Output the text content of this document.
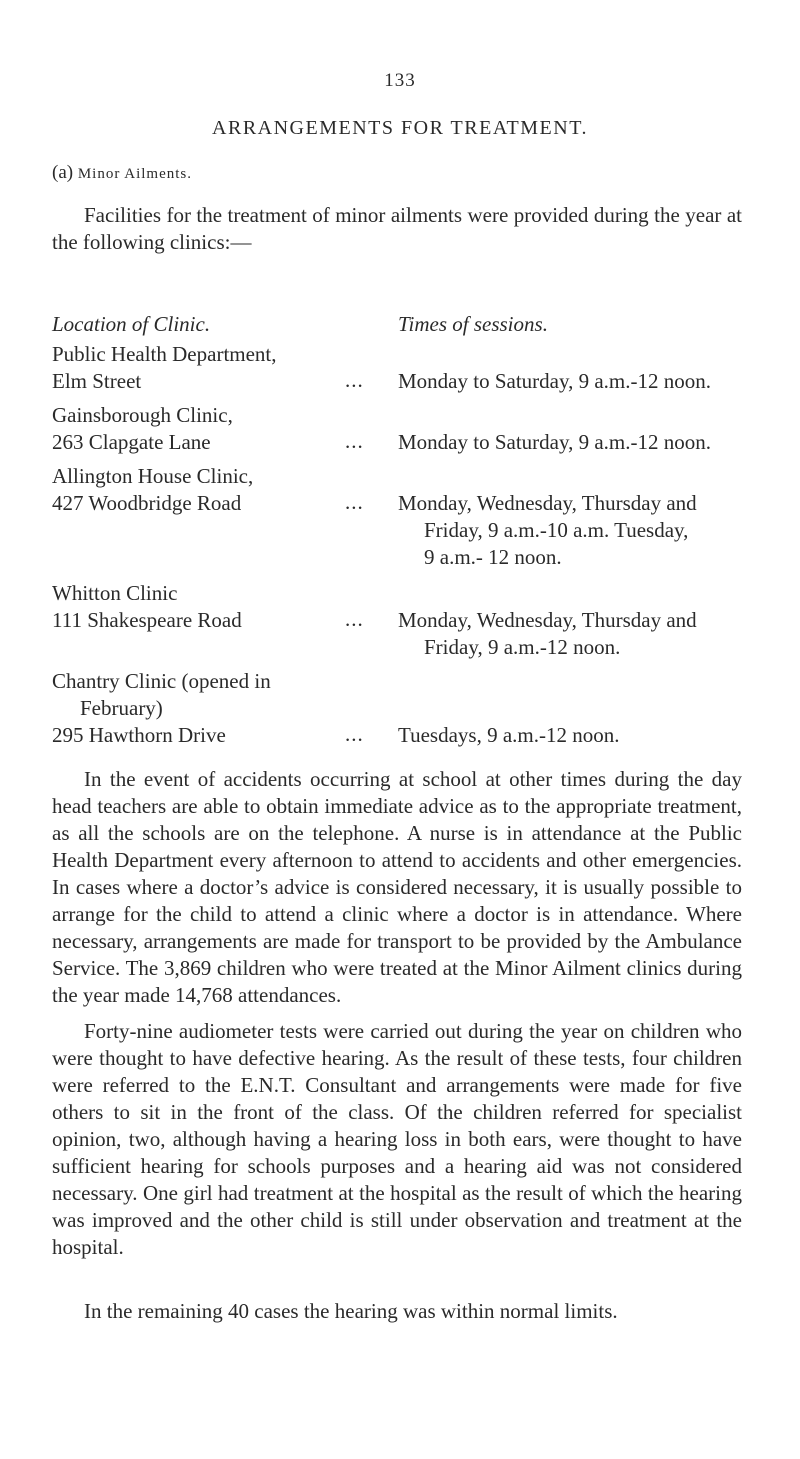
133
ARRANGEMENTS FOR TREATMENT.
(a) Minor Ailments.
Facilities for the treatment of minor ailments were provided during the year at the following clinics:—
Location of Clinic.	Times of sessions.
Public Health Department,
Elm Street	... Monday to Saturday, 9 a.m.-12 noon.
Gainsborough Clinic,
263 Clapgate Lane	... Monday to Saturday, 9 a.m.-12 noon.
Allington House Clinic,
427 Woodbridge Road	... Monday, Wednesday, Thursday and
Friday, 9 a.m.-10 a.m. Tuesday,
9 a.m.- 12 noon.
Whitton Clinic
111 Shakespeare Road	... Monday, Wednesday, Thursday and
Friday, 9 a.m.-12 noon.
Chantry Clinic (opened in
February)
295 Hawthorn Drive	... Tuesdays, 9 a.m.-12 noon.
In the event of accidents occurring at school at other times during the day head teachers are able to obtain immediate advice as to the appropriate treatment, as all the schools are on the telephone. A nurse is in attendance at the Public Health Department every afternoon to attend to accidents and other emergencies. In cases where a doctor’s advice is considered necessary, it is usually possible to arrange for the child to attend a clinic where a doctor is in attendance. Where necessary, arrangements are made for transport to be provided by the Ambulance Service. The 3,869 children who were treated at the Minor Ailment clinics during the year made 14,768 attendances.
Forty-nine audiometer tests were carried out during the year on children who were thought to have defective hearing. As the result of these tests, four children were referred to the E.N.T. Consultant and arrangements were made for five others to sit in the front of the class. Of the children referred for specialist opinion, two, although having a hearing loss in both ears, were thought to have sufficient hearing for schools purposes and a hearing aid was not considered necessary. One girl had treatment at the hospital as the result of which the hearing was improved and the other child is still under observation and treatment at the hospital.
In the remaining 40 cases the hearing was within normal limits.
